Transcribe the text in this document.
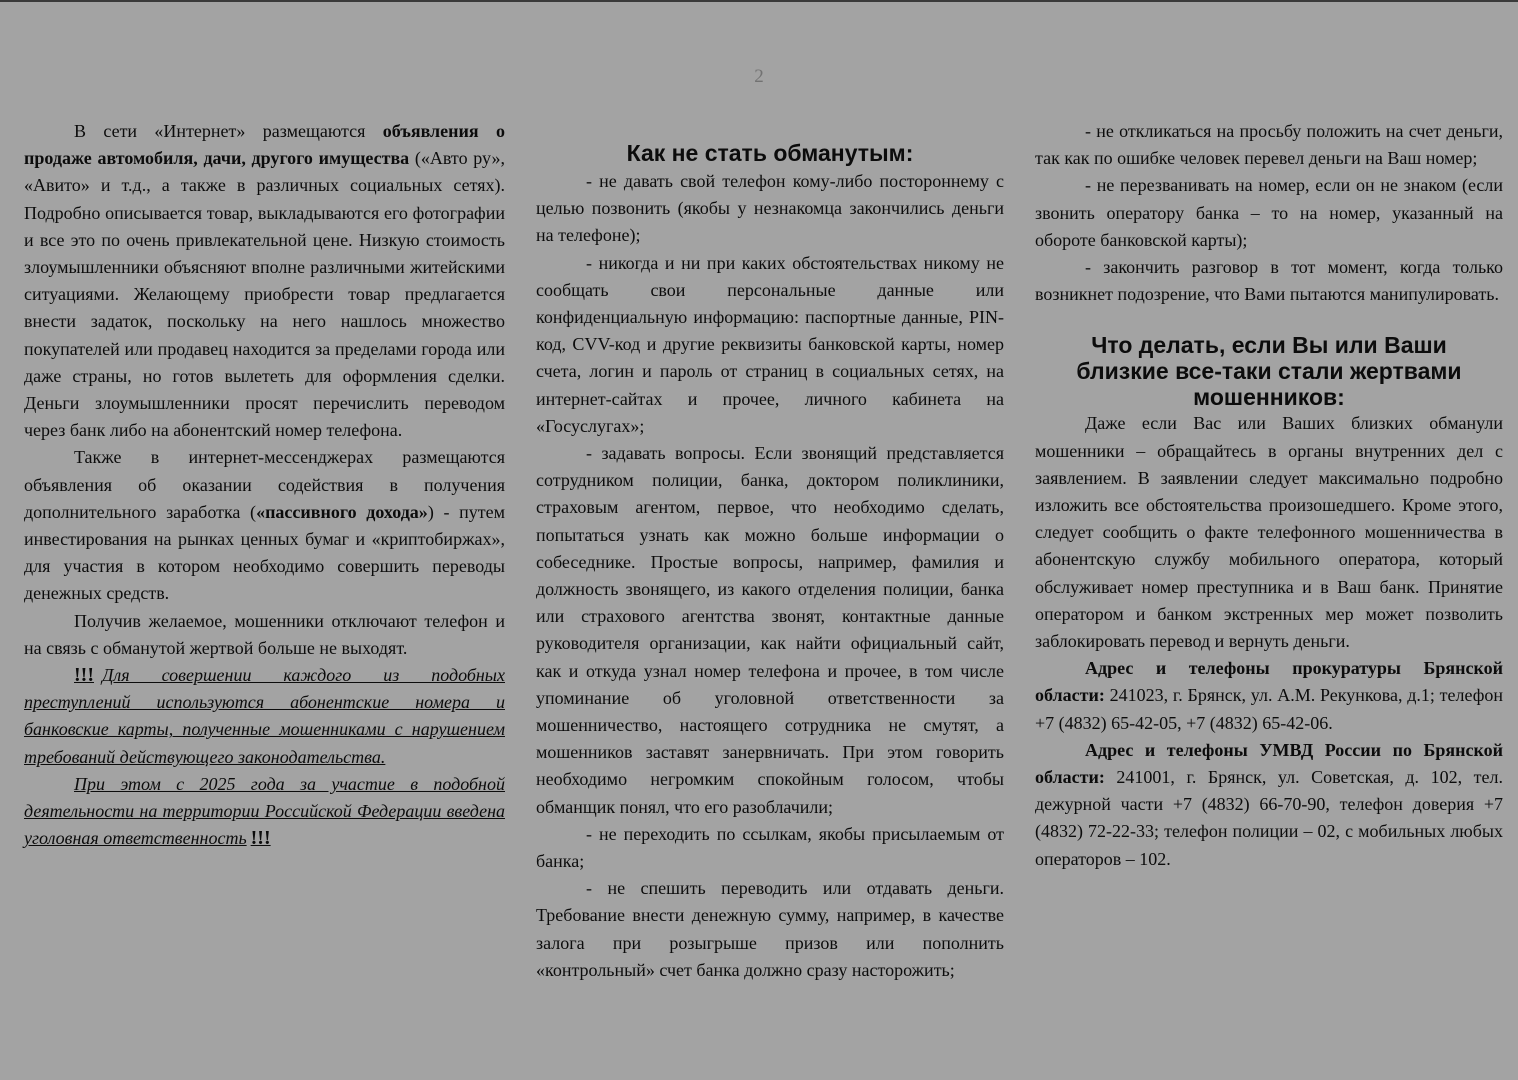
2

В сети «Интернет» размещаются объявления о продаже автомобиля, дачи, другого имущества («Авто ру», «Авито» и т.д., а также в различных социальных сетях). Подробно описывается товар, выкладываются его фотографии и все это по очень привлекательной цене. Низкую стоимость злоумышленники объясняют вполне различными житейскими ситуациями. Желающему приобрести товар предлагается внести задаток, поскольку на него нашлось множество покупателей или продавец находится за пределами города или даже страны, но готов вылететь для оформления сделки. Деньги злоумышленники просят перечислить переводом через банк либо на абонентский номер телефона.

Также в интернет-мессенджерах размещаются объявления об оказании содействия в получения дополнительного заработка («пассивного дохода») - путем инвестирования на рынках ценных бумаг и «криптобиржах», для участия в котором необходимо совершить переводы денежных средств.

Получив желаемое, мошенники отключают телефон и на связь с обманутой жертвой больше не выходят.

!!! Для совершении каждого из подобных преступлений используются абонентские номера и банковские карты, полученные мошенниками с нарушением требований действующего законодательства.

При этом с 2025 года за участие в подобной деятельности на территории Российской Федерации введена уголовная ответственность !!!

Как не стать обманутым:

- не давать свой телефон кому-либо постороннему с целью позвонить (якобы у незнакомца закончились деньги на телефоне);

- никогда и ни при каких обстоятельствах никому не сообщать свои персональные данные или конфиденциальную информацию: паспортные данные, PIN-код, CVV-код и другие реквизиты банковской карты, номер счета, логин и пароль от страниц в социальных сетях, на интернет-сайтах и прочее, личного кабинета на «Госуслугах»;

- задавать вопросы. Если звонящий представляется сотрудником полиции, банка, доктором поликлиники, страховым агентом, первое, что необходимо сделать, попытаться узнать как можно больше информации о собеседнике. Простые вопросы, например, фамилия и должность звонящего, из какого отделения полиции, банка или страхового агентства звонят, контактные данные руководителя организации, как найти официальный сайт, как и откуда узнал номер телефона и прочее, в том числе упоминание об уголовной ответственности за мошенничество, настоящего сотрудника не смутят, а мошенников заставят занервничать. При этом говорить необходимо негромким спокойным голосом, чтобы обманщик понял, что его разоблачили;

- не переходить по ссылкам, якобы присылаемым от банка;

- не спешить переводить или отдавать деньги. Требование внести денежную сумму, например, в качестве залога при розыгрыше призов или пополнить «контрольный» счет банка должно сразу насторожить;

- не откликаться на просьбу положить на счет деньги, так как по ошибке человек перевел деньги на Ваш номер;

- не перезванивать на номер, если он не знаком (если звонить оператору банка – то на номер, указанный на обороте банковской карты);

- закончить разговор в тот момент, когда только возникнет подозрение, что Вами пытаются манипулировать.

Что делать, если Вы или Ваши близкие все-таки стали жертвами мошенников:

Даже если Вас или Ваших близких обманули мошенники – обращайтесь в органы внутренних дел с заявлением. В заявлении следует максимально подробно изложить все обстоятельства произошедшего. Кроме этого, следует сообщить о факте телефонного мошенничества в абонентскую службу мобильного оператора, который обслуживает номер преступника и в Ваш банк. Принятие оператором и банком экстренных мер может позволить заблокировать перевод и вернуть деньги.

Адрес и телефоны прокуратуры Брянской области: 241023, г. Брянск, ул. А.М. Рекункова, д.1; телефон +7 (4832) 65-42-05, +7 (4832) 65-42-06.

Адрес и телефоны УМВД России по Брянской области: 241001, г. Брянск, ул. Советская, д. 102, тел. дежурной части +7 (4832) 66-70-90, телефон доверия +7 (4832) 72-22-33; телефон полиции – 02, с мобильных любых операторов – 102.
